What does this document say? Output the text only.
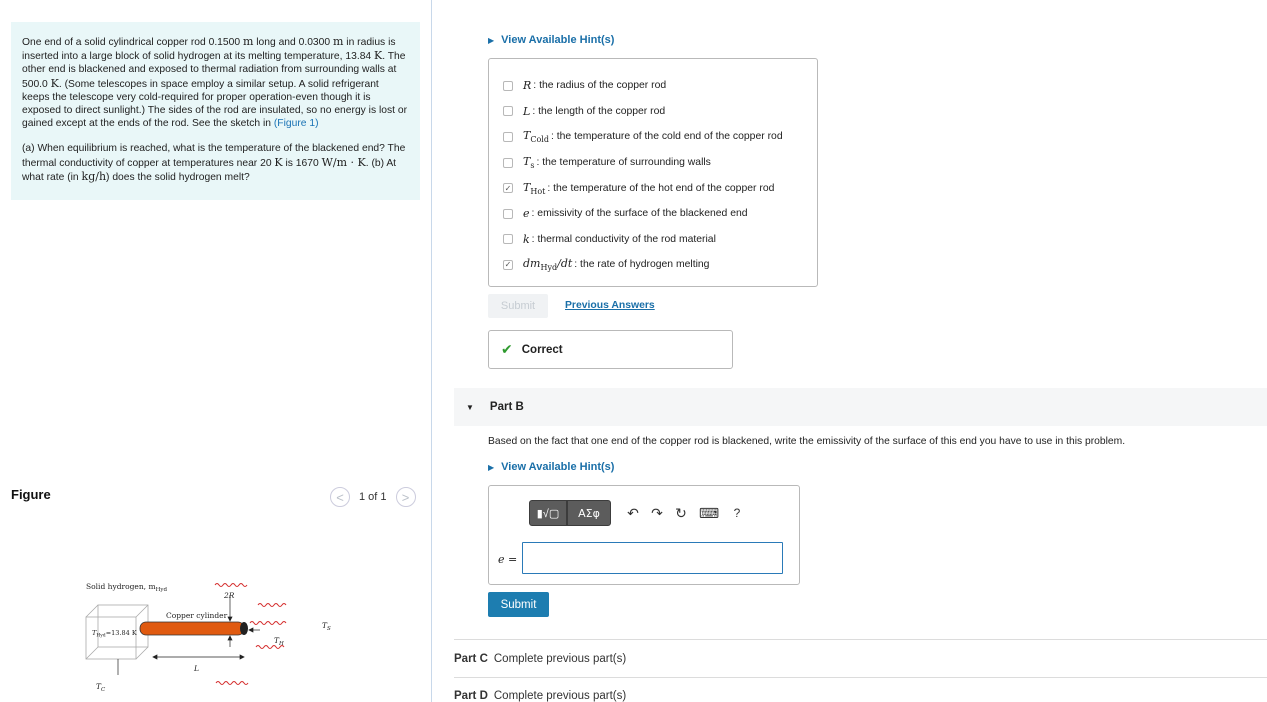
One end of a solid cylindrical copper rod 0.1500 m long and 0.0300 m in radius is inserted into a large block of solid hydrogen at its melting temperature, 13.84 K. The other end is blackened and exposed to thermal radiation from surrounding walls at 500.0 K. (Some telescopes in space employ a similar setup. A solid refrigerant keeps the telescope very cold-required for proper operation-even though it is exposed to direct sunlight.) The sides of the rod are insulated, so no energy is lost or gained except at the ends of the rod. See the sketch in (Figure 1)

(a) When equilibrium is reached, what is the temperature of the blackened end? The thermal conductivity of copper at temperatures near 20 K is 1670 W/m · K. (b) At what rate (in kg/h) does the solid hydrogen melt?

Figure	<	1 of 1	>
Solid hydrogen, $m_{Hyd}$
2R
Copper cylinder
$T_{Hyd}=13.84$ K
$T_S$
$T_H$
L
$T_C$
▶ View Available Hint(s)
R : the radius of the copper rod
L : the length of the copper rod
$T_{Cold}$ : the temperature of the cold end of the copper rod
$T_s$ : the temperature of surrounding walls
✓ $T_{Hot}$ : the temperature of the hot end of the copper rod
e : emissivity of the surface of the blackened end
k : thermal conductivity of the rod material
✓ $dm_{Hyd}/dt$ : the rate of hydrogen melting
Submit	Previous Answers
✔ Correct
▼ Part B
Based on the fact that one end of the copper rod is blackened, write the emissivity of the surface of this end you have to use in this problem.
▶ View Available Hint(s)
▮√▢	ΑΣφ	↶ ↷ ↻ ⌨	?
e =
Submit
Part C Complete previous part(s)
Part D Complete previous part(s)
